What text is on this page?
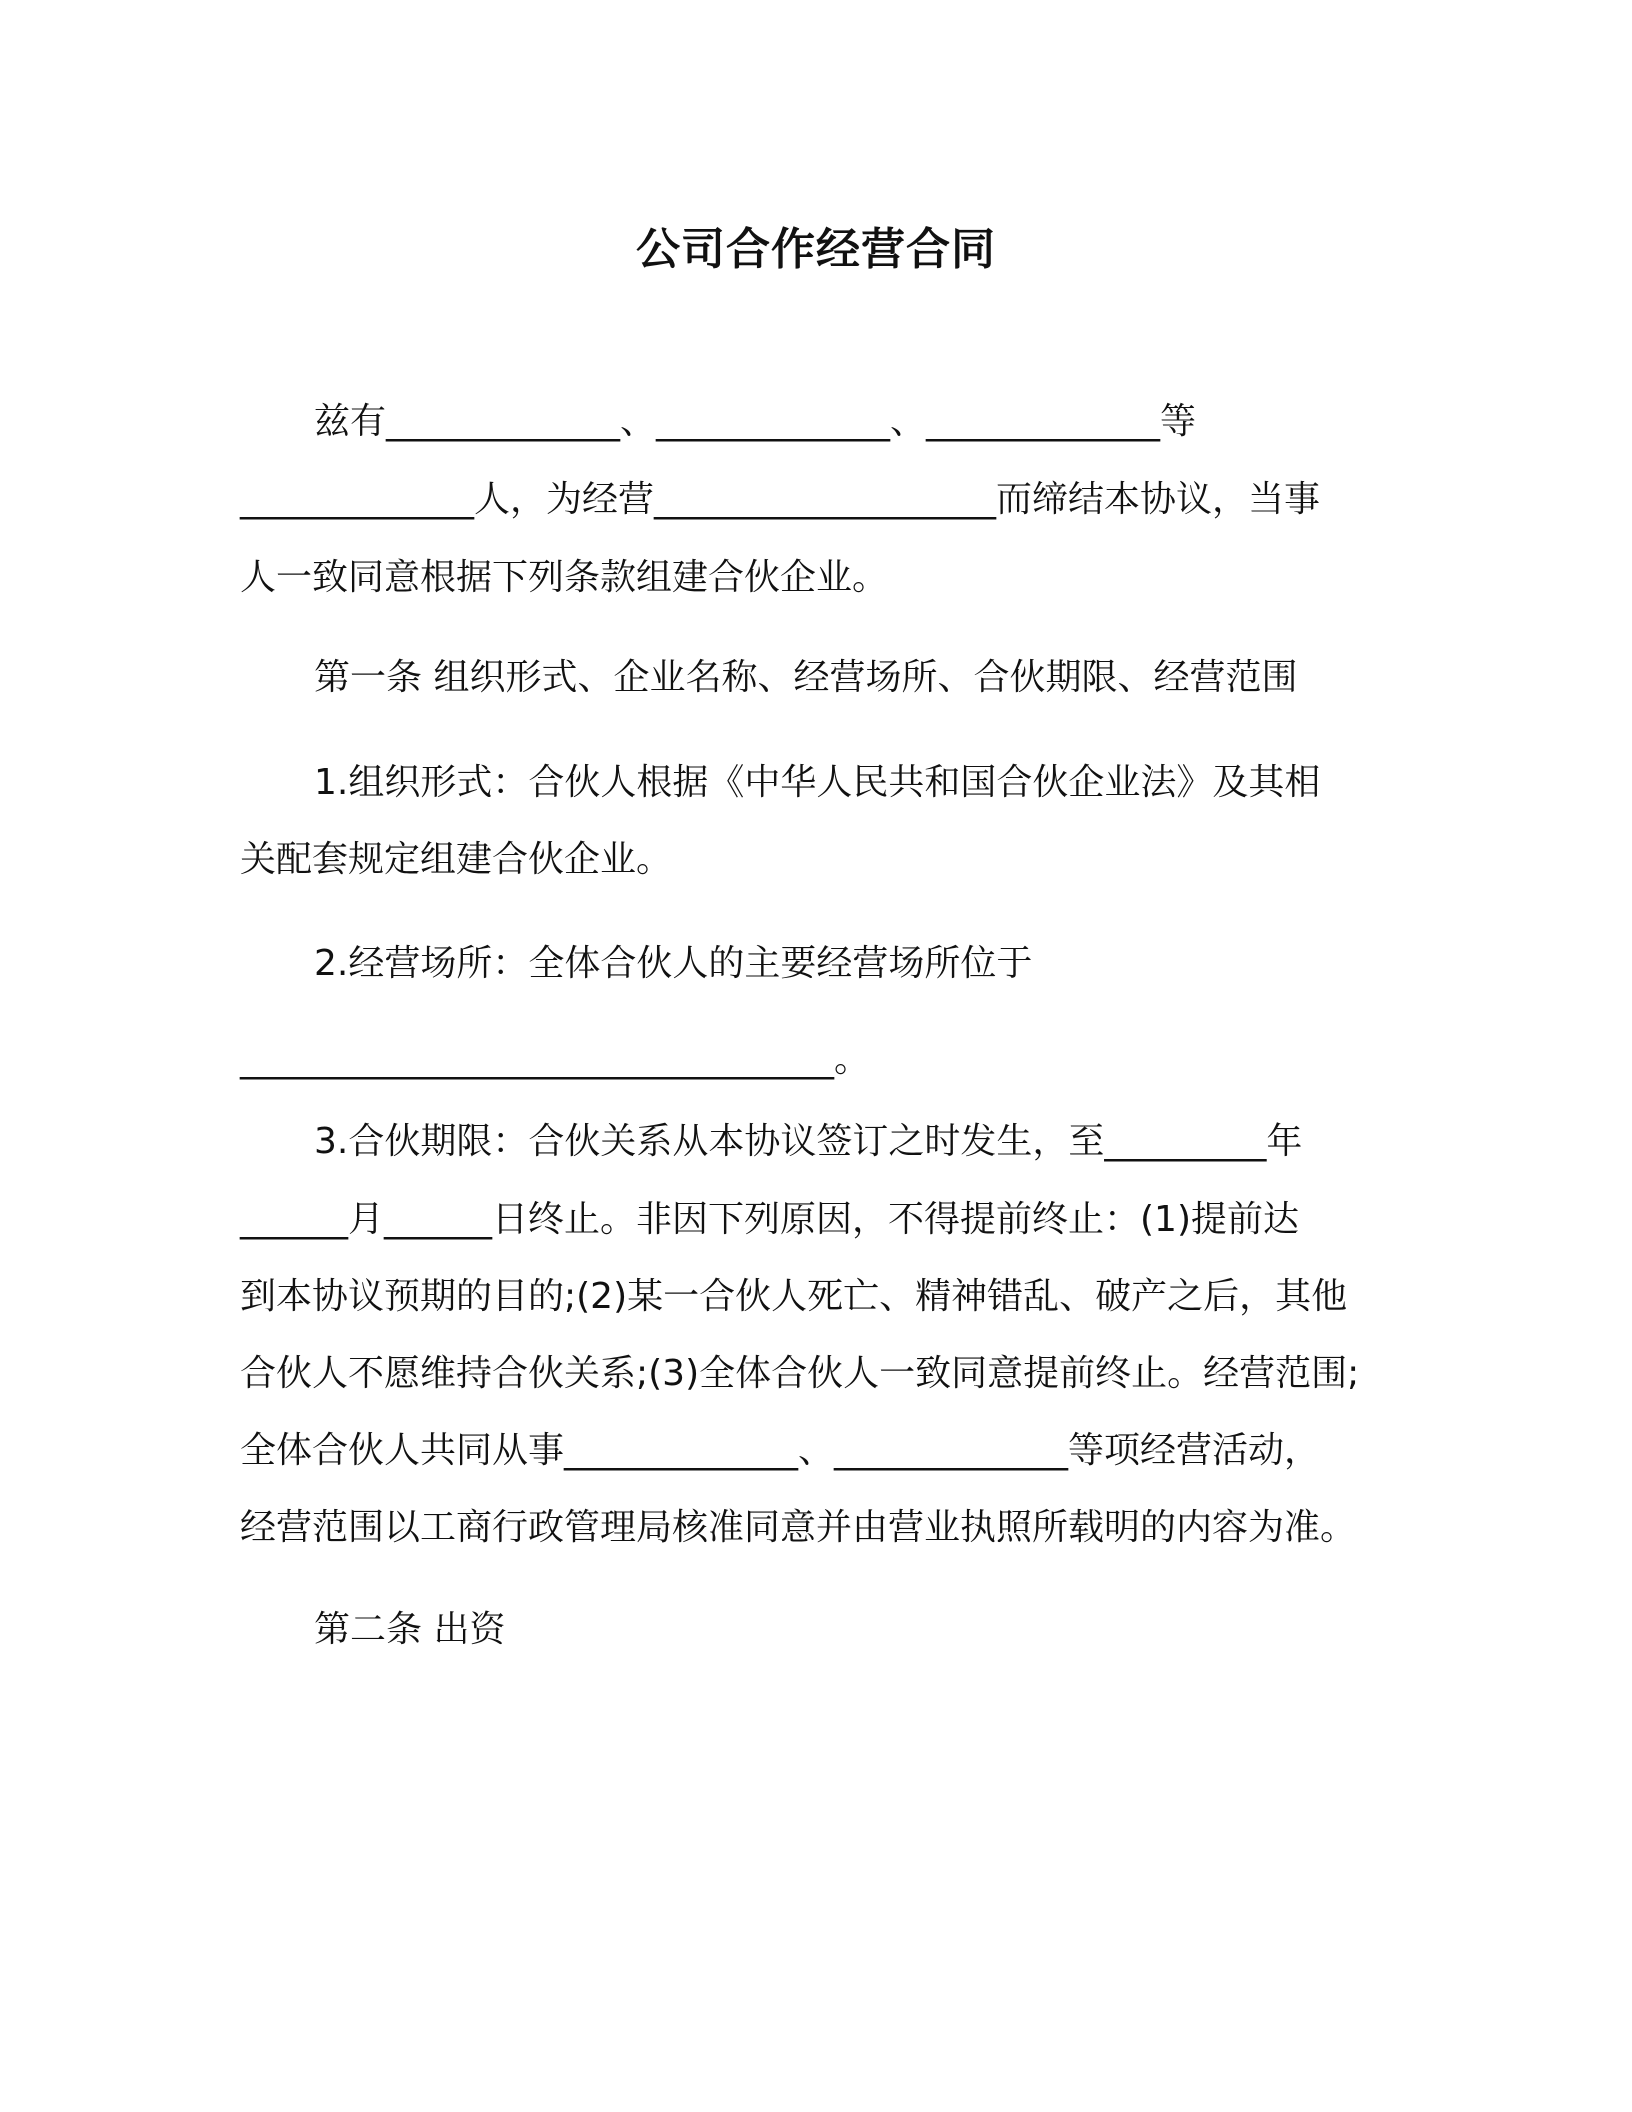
公司合作经营合同

兹有_____________、_____________、_____________等

_____________人，为经营___________________而缔结本协议，当事

人一致同意根据下列条款组建合伙企业。

第一条 组织形式、企业名称、经营场所、合伙期限、经营范围

1.组织形式：合伙人根据《中华人民共和国合伙企业法》及其相

关配套规定组建合伙企业。

2.经营场所：全体合伙人的主要经营场所位于

_________________________________。

3.合伙期限：合伙关系从本协议签订之时发生，至_________年

______月______日终止。非因下列原因，不得提前终止：(1)提前达

到本协议预期的目的;(2)某一合伙人死亡、精神错乱、破产之后，其他

合伙人不愿维持合伙关系;(3)全体合伙人一致同意提前终止。经营范围;

全体合伙人共同从事_____________、_____________等项经营活动，

经营范围以工商行政管理局核准同意并由营业执照所载明的内容为准。

第二条 出资
